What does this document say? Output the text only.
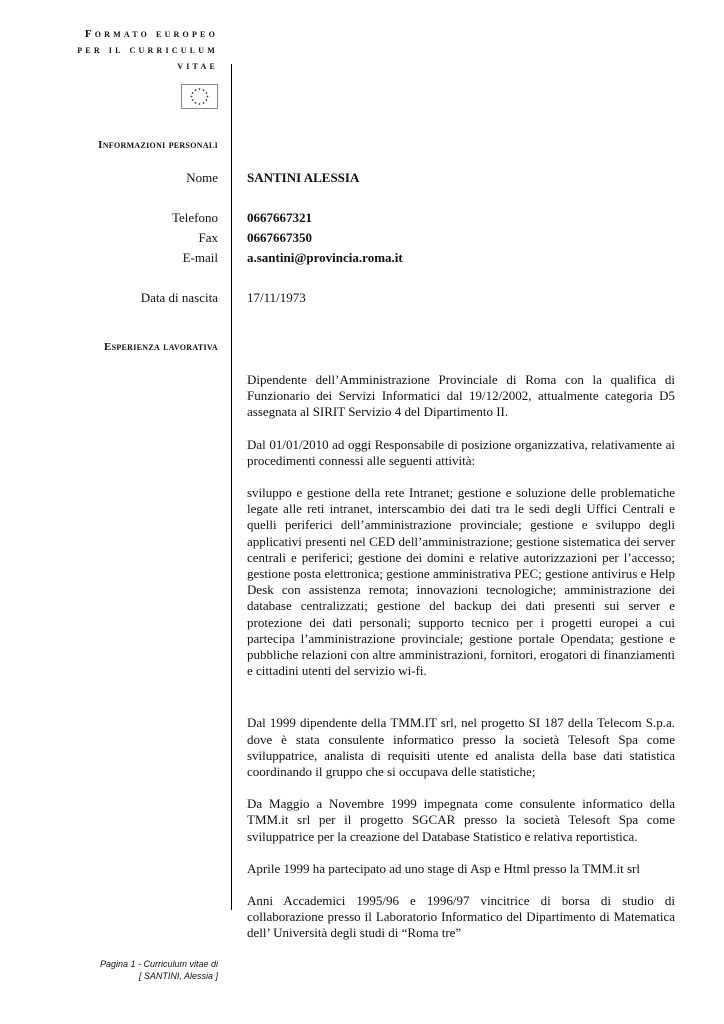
Formato europeo
per il curriculum
vitae
Informazioni personali
Nome SANTINI ALESSIA
Telefono 0667667321
Fax 0667667350
E-mail a.santini@provincia.roma.it
Data di nascita 17/11/1973
Esperienza lavorativa

Dipendente dell’Amministrazione Provinciale di Roma con la qualifica di Funzionario dei Servizi Informatici dal 19/12/2002, attualmente categoria D5 assegnata al SIRIT Servizio 4 del Dipartimento II.

Dal 01/01/2010 ad oggi Responsabile di posizione organizzativa, relativamente ai procedimenti connessi alle seguenti attività:

sviluppo e gestione della rete Intranet; gestione e soluzione delle problematiche legate alle reti intranet, interscambio dei dati tra le sedi degli Uffici Centrali e quelli periferici dell’amministrazione provinciale; gestione e sviluppo degli applicativi presenti nel CED dell’amministrazione; gestione sistematica dei server centrali e periferici; gestione dei domini e relative autorizzazioni per l’accesso; gestione posta elettronica; gestione amministrativa PEC; gestione antivirus e Help Desk con assistenza remota; innovazioni tecnologiche; amministrazione dei database centralizzati; gestione del backup dei dati presenti sui server e protezione dei dati personali; supporto tecnico per i progetti europei a cui partecipa l’amministrazione provinciale; gestione portale Opendata; gestione e pubbliche relazioni con altre amministrazioni, fornitori, erogatori di finanziamenti e cittadini utenti del servizio wi-fi.

Dal 1999 dipendente della TMM.IT srl, nel progetto SI 187 della Telecom S.p.a. dove è stata consulente informatico presso la società Telesoft Spa come sviluppatrice, analista di requisiti utente ed analista della base dati statistica coordinando il gruppo che si occupava delle statistiche;

Da Maggio a Novembre 1999 impegnata come consulente informatico della TMM.it srl per il progetto SGCAR presso la società Telesoft Spa come sviluppatrice per la creazione del Database Statistico e relativa reportistica.

Aprile 1999 ha partecipato ad uno stage di Asp e Html presso la TMM.it srl

Anni Accademici 1995/96 e 1996/97 vincitrice di borsa di studio di collaborazione presso il Laboratorio Informatico del Dipartimento di Matematica dell’ Università degli studi di “Roma tre”

Pagina 1 - Curriculum vitae di
[ SANTINI, Alessia ]
